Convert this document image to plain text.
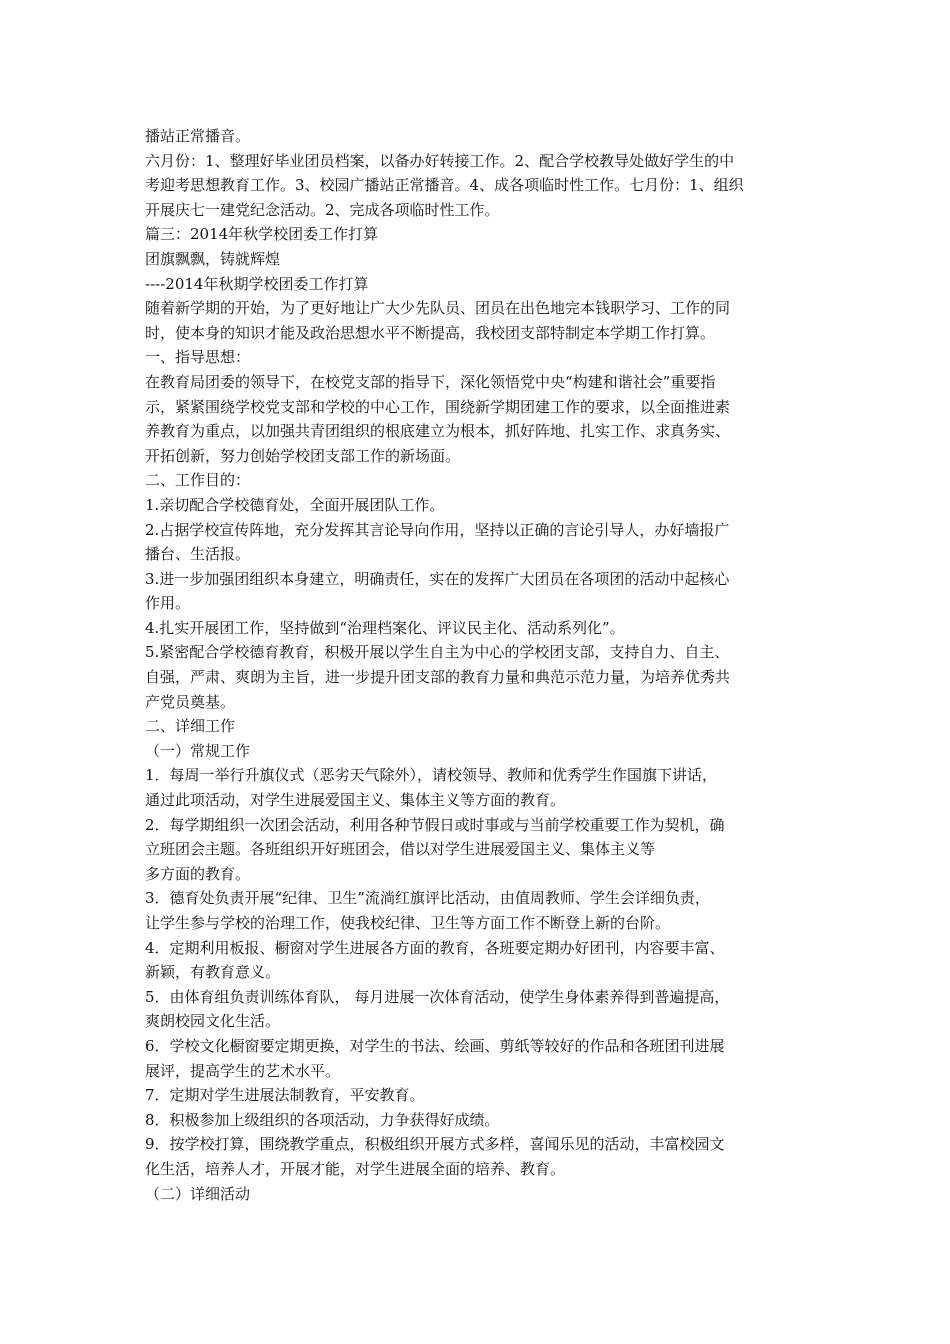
播站正常播音。
六月份：1、整理好毕业团员档案，以备办好转接工作。2、配合学校教导处做好学生的中
考迎考思想教育工作。3、校园广播站正常播音。4、成各项临时性工作。七月份：1、组织
开展庆七一建党纪念活动。2、完成各项临时性工作。
篇三：2014年秋学校团委工作打算
团旗飘飘，铸就辉煌
----2014年秋期学校团委工作打算
随着新学期的开始，为了更好地让广大少先队员、团员在出色地完本钱职学习、工作的同
时，使本身的知识才能及政治思想水平不断提高，我校团支部特制定本学期工作打算。
一、指导思想：
在教育局团委的领导下，在校党支部的指导下，深化领悟党中央“构建和谐社会”重要指
示，紧紧围绕学校党支部和学校的中心工作，围绕新学期团建工作的要求，以全面推进素
养教育为重点，以加强共青团组织的根底建立为根本，抓好阵地、扎实工作、求真务实、
开拓创新，努力创始学校团支部工作的新场面。
二、工作目的：
1.亲切配合学校德育处，全面开展团队工作。
2.占据学校宣传阵地，充分发挥其言论导向作用，坚持以正确的言论引导人，办好墙报广
播台、生活报。
3.进一步加强团组织本身建立，明确责任，实在的发挥广大团员在各项团的活动中起核心
作用。
4.扎实开展团工作，坚持做到“治理档案化、评议民主化、活动系列化”。
5.紧密配合学校德育教育，积极开展以学生自主为中心的学校团支部，支持自力、自主、
自强，严肃、爽朗为主旨，进一步提升团支部的教育力量和典范示范力量，为培养优秀共
产党员奠基。
二、详细工作
（一）常规工作
1．每周一举行升旗仪式（恶劣天气除外），请校领导、教师和优秀学生作国旗下讲话，
通过此项活动，对学生进展爱国主义、集体主义等方面的教育。
2．每学期组织一次团会活动，利用各种节假日或时事或与当前学校重要工作为契机，确
立班团会主题。各班组织开好班团会，借以对学生进展爱国主义、集体主义等
多方面的教育。
3．德育处负责开展“纪律、卫生”流淌红旗评比活动，由值周教师、学生会详细负责，
让学生参与学校的治理工作，使我校纪律、卫生等方面工作不断登上新的台阶。
4．定期利用板报、橱窗对学生进展各方面的教育，各班要定期办好团刊，内容要丰富、
新颖，有教育意义。
5．由体育组负责训练体育队， 每月进展一次体育活动，使学生身体素养得到普遍提高，
爽朗校园文化生活。
6．学校文化橱窗要定期更换，对学生的书法、绘画、剪纸等较好的作品和各班团刊进展
展评，提高学生的艺术水平。
7．定期对学生进展法制教育，平安教育。
8．积极参加上级组织的各项活动，力争获得好成绩。
9．按学校打算，围绕教学重点，积极组织开展方式多样，喜闻乐见的活动，丰富校园文
化生活，培养人才，开展才能，对学生进展全面的培养、教育。
（二）详细活动
